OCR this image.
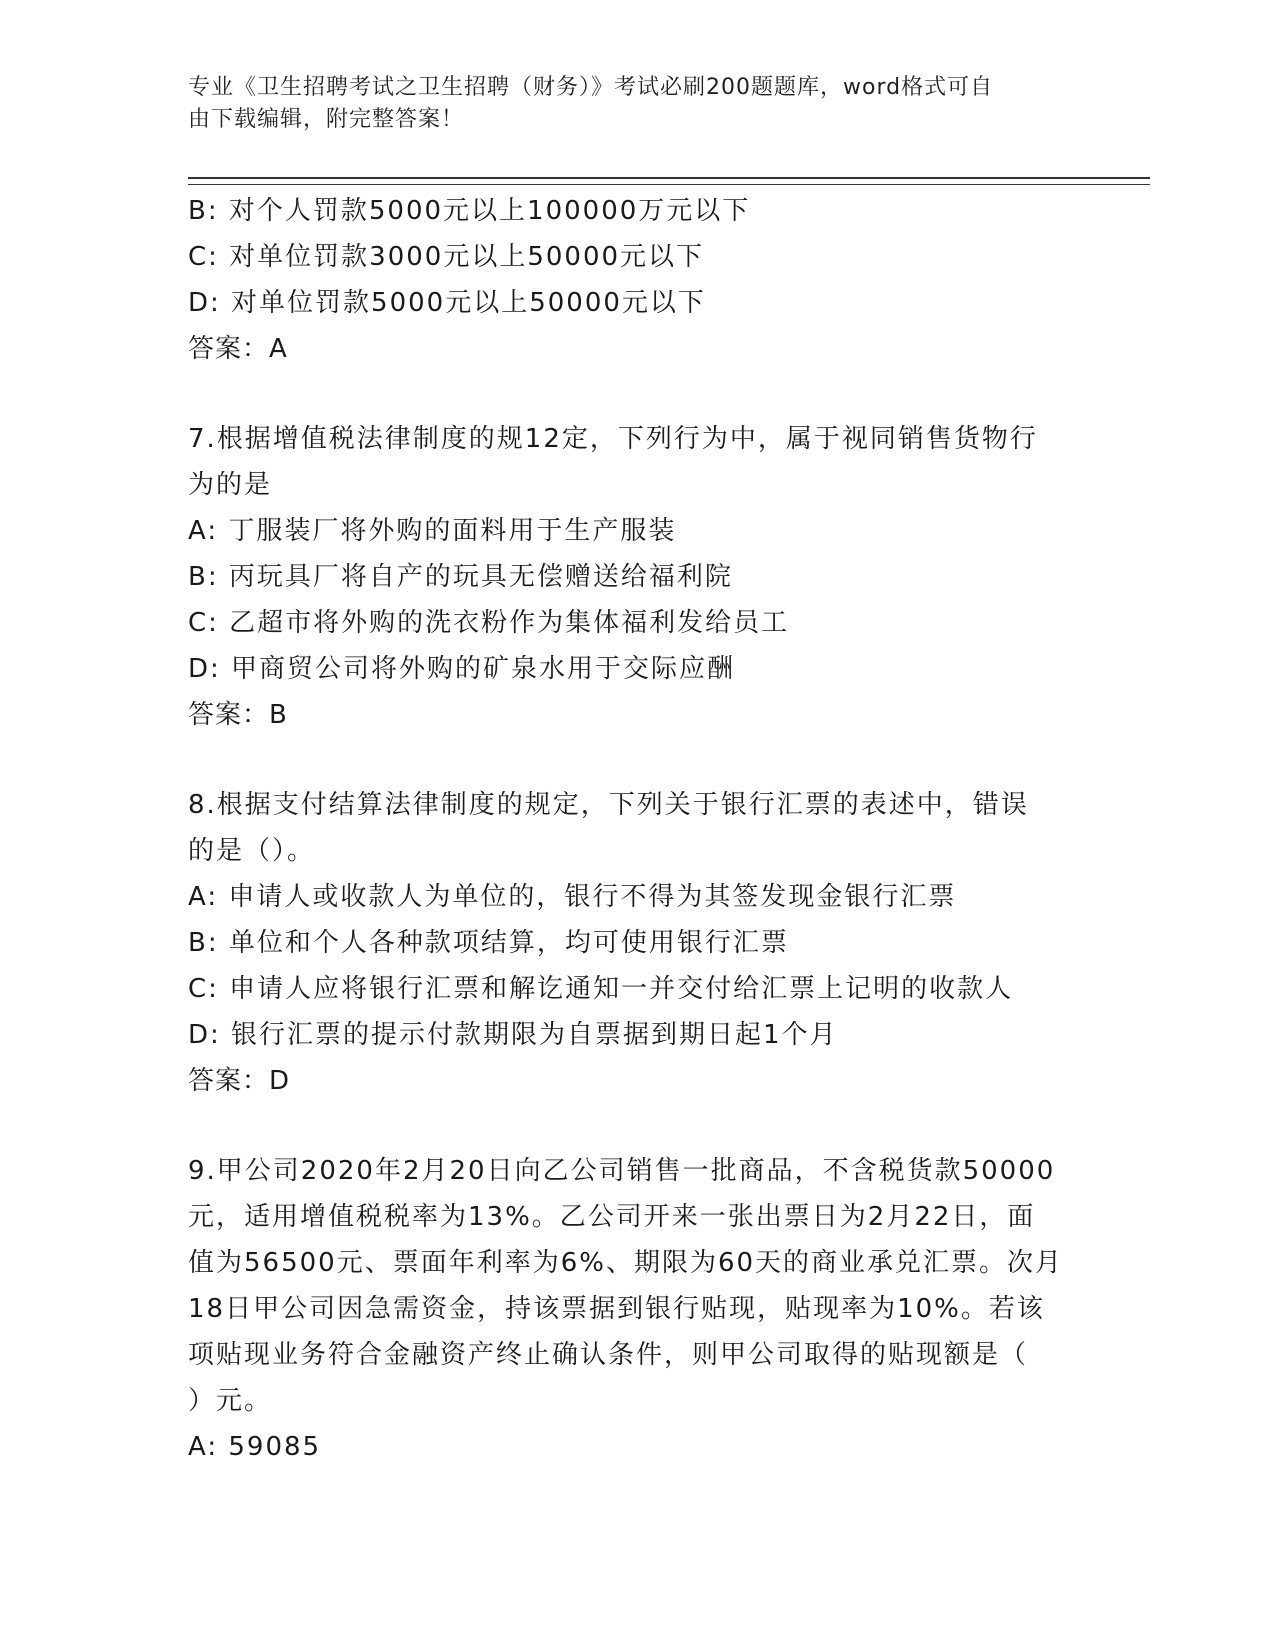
专业《卫生招聘考试之卫生招聘（财务）》考试必刷200题题库，word格式可自
由下载编辑，附完整答案！
B: 对个人罚款5000元以上100000万元以下
C: 对单位罚款3000元以上50000元以下
D: 对单位罚款5000元以上50000元以下
答案：A
7.根据增值税法律制度的规12定，下列行为中，属于视同销售货物行
为的是
A: 丁服装厂将外购的面料用于生产服装
B: 丙玩具厂将自产的玩具无偿赠送给福利院
C: 乙超市将外购的洗衣粉作为集体福利发给员工
D: 甲商贸公司将外购的矿泉水用于交际应酬
答案：B
8.根据支付结算法律制度的规定，下列关于银行汇票的表述中，错误
的是（）。
A: 申请人或收款人为单位的，银行不得为其签发现金银行汇票
B: 单位和个人各种款项结算，均可使用银行汇票
C: 申请人应将银行汇票和解讫通知一并交付给汇票上记明的收款人
D: 银行汇票的提示付款期限为自票据到期日起1个月
答案：D
9.甲公司2020年2月20日向乙公司销售一批商品，不含税货款50000
元，适用增值税税率为13%。乙公司开来一张出票日为2月22日，面
值为56500元、票面年利率为6%、期限为60天的商业承兑汇票。次月
18日甲公司因急需资金，持该票据到银行贴现，贴现率为10%。若该
项贴现业务符合金融资产终止确认条件，则甲公司取得的贴现额是（
）元。
A: 59085
